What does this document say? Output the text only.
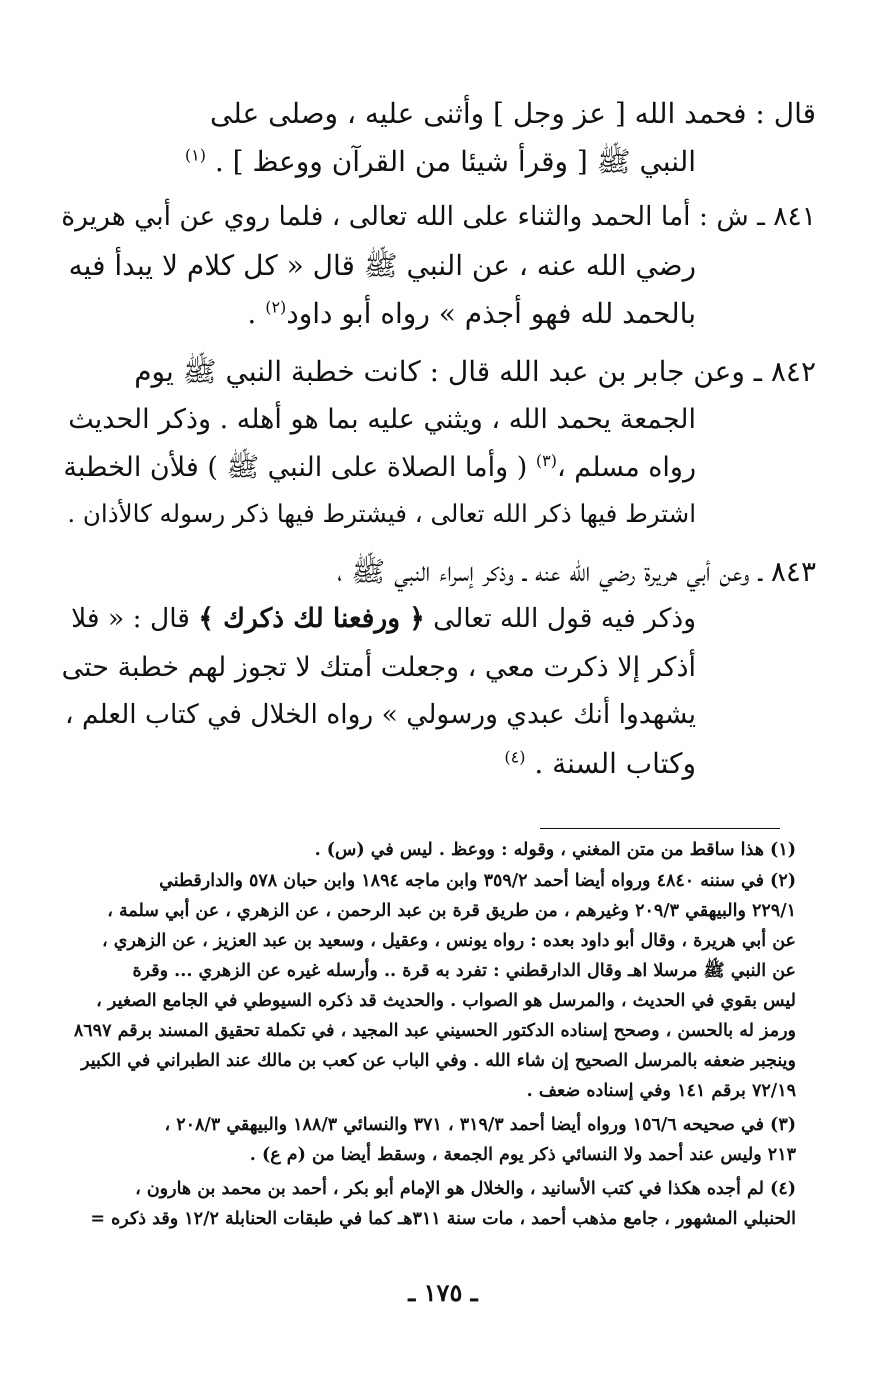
قال : فحمد الله [ عز وجل ] وأثنى عليه ، وصلى على
النبي ﷺ [ وقرأ شيئا من القرآن ووعظ ] . $^{(١)}$
٨٤١ ـ ش : أما الحمد والثناء على الله تعالى ، فلما روي عن أبي هريرة
رضي الله عنه ، عن النبي ﷺ قال « كل كلام لا يبدأ فيه
بالحمد لله فهو أجذم » رواه أبو داود$^{(٢)}$ .
٨٤٢ ـ وعن جابر بن عبد الله قال : كانت خطبة النبي ﷺ يوم
الجمعة يحمد الله ، ويثني عليه بما هو أهله . وذكر الحديث
رواه مسلم ،$^{(٣)}$ ( وأما الصلاة على النبي ﷺ ) فلأن الخطبة
اشترط فيها ذكر الله تعالى ، فيشترط فيها ذكر رسوله كالأذان .
٨٤٣ ـ وعن أبي هريرة رضي الله عنه ـ وذكر إسراء النبي ﷺ ،
وذكر فيه قول الله تعالى ﴿ ورفعنا لك ذكرك ﴾ قال : « فلا
أذكر إلا ذكرت معي ، وجعلت أمتك لا تجوز لهم خطبة حتى
يشهدوا أنك عبدي ورسولي » رواه الخلال في كتاب العلم ،
وكتاب السنة . $^{(٤)}$
(١) هذا ساقط من متن المغني ، وقوله : ووعظ . ليس في (س) .
(٢) في سننه ٤٨٤٠ ورواه أيضا أحمد ٣٥٩/٢ وابن ماجه ١٨٩٤ وابن حبان ٥٧٨ والدارقطني
٢٢٩/١ والبيهقي ٢٠٩/٣ وغيرهم ، من طريق قرة بن عبد الرحمن ، عن الزهري ، عن أبي سلمة ،
عن أبي هريرة ، وقال أبو داود بعده : رواه يونس ، وعقيل ، وسعيد بن عبد العزيز ، عن الزهري ،
عن النبي ﷺ مرسلا اهـ وقال الدارقطني : تفرد به قرة .. وأرسله غيره عن الزهري ... وقرة
ليس بقوي في الحديث ، والمرسل هو الصواب . والحديث قد ذكره السيوطي في الجامع الصغير ،
ورمز له بالحسن ، وصحح إسناده الدكتور الحسيني عبد المجيد ، في تكملة تحقيق المسند برقم ٨٦٩٧
وينجبر ضعفه بالمرسل الصحيح إن شاء الله . وفي الباب عن كعب بن مالك عند الطبراني في الكبير
٧٢/١٩ برقم ١٤١ وفي إسناده ضعف .
(٣) في صحيحه ١٥٦/٦ ورواه أيضا أحمد ٣١٩/٣ ، ٣٧١ والنسائي ١٨٨/٣ والبيهقي ٢٠٨/٣ ،
٢١٣ وليس عند أحمد ولا النسائي ذكر يوم الجمعة ، وسقط أيضا من (م ع) .
(٤) لم أجده هكذا في كتب الأسانيد ، والخلال هو الإمام أبو بكر ، أحمد بن محمد بن هارون ،
الحنبلي المشهور ، جامع مذهب أحمد ، مات سنة ٣١١هـ كما في طبقات الحنابلة ١٢/٢ وقد ذكره =
ـ ١٧٥ ـ
